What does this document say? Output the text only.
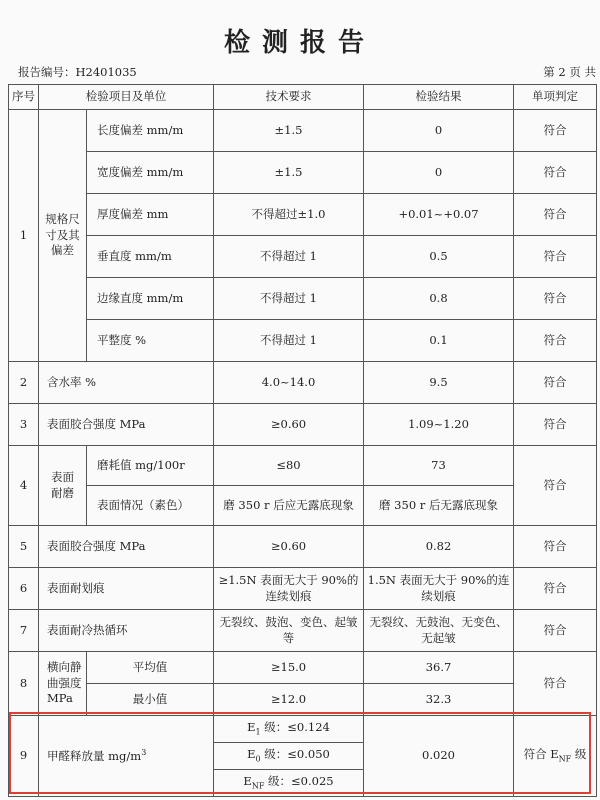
检测报告
报告编号：H2401035	第 2 页 共
序号	检验项目及单位		技术要求	检验结果	单项判定
1	规格尺寸及其偏差	长度偏差 mm/m	±1.5	0	符合
		宽度偏差 mm/m	±1.5	0	符合
		厚度偏差 mm	不得超过±1.0	+0.01~+0.07	符合
		垂直度 mm/m	不得超过 1	0.5	符合
		边缘直度 mm/m	不得超过 1	0.8	符合
		平整度 %	不得超过 1	0.1	符合
2	含水率 %		4.0~14.0	9.5	符合
3	表面胶合强度 MPa		≥0.60	1.09~1.20	符合
4	表面耐磨	磨耗值 mg/100r	≤80	73	符合
		表面情况（素色）	磨 350 r 后应无露底现象	磨 350 r 后无露底现象	
5	表面胶合强度 MPa		≥0.60	0.82	符合
6	表面耐划痕		≥1.5N 表面无大于 90%的连续划痕	1.5N 表面无大于 90%的连续划痕	符合
7	表面耐冷热循环		无裂纹、鼓泡、变色、起皱等	无裂纹、无鼓泡、无变色、无起皱	符合
8	横向静曲强度 MPa	平均值	≥15.0	36.7	符合
		最小值	≥12.0	32.3	
9	甲醛释放量 $mg/m^3$		$E_1$ 级：≤0.124	0.020	符合 $E_{NF}$ 级
			$E_0$ 级：≤0.050		
			$E_{NF}$ 级：≤0.025		
